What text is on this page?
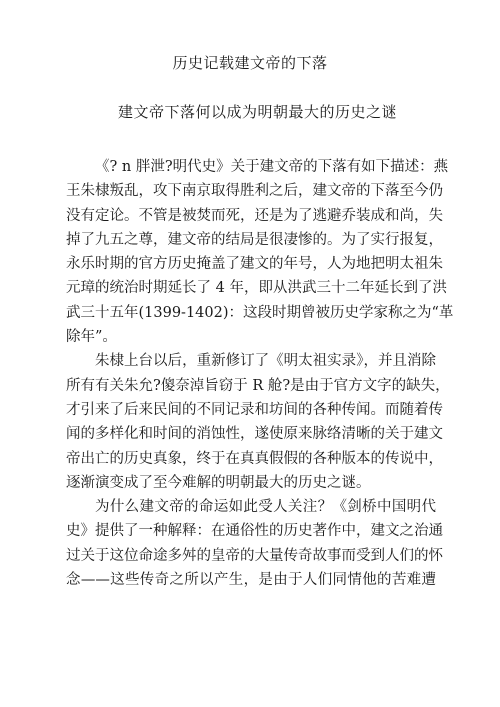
历史记载建文帝的下落
建文帝下落何以成为明朝最大的历史之谜

《? n 胖泄?明代史》关于建文帝的下落有如下描述：燕
王朱棣叛乱，攻下南京取得胜利之后，建文帝的下落至今仍
没有定论。不管是被焚而死，还是为了逃避乔装成和尚，失
掉了九五之尊，建文帝的结局是很凄惨的。为了实行报复，
永乐时期的官方历史掩盖了建文的年号，人为地把明太祖朱
元璋的统治时期延长了 4 年，即从洪武三十二年延长到了洪
武三十五年(1399-1402)：这段时期曾被历史学家称之为“革
除年”。

朱棣上台以后，重新修订了《明太祖实录》，并且消除
所有有关朱允?傻奈淖旨窃于 R 舱?是由于官方文字的缺失，
才引来了后来民间的不同记录和坊间的各种传闻。而随着传
闻的多样化和时间的消蚀性，遂使原来脉络清晰的关于建文
帝出亡的历史真象，终于在真真假假的各种版本的传说中，
逐渐演变成了至今难解的明朝最大的历史之谜。

为什么建文帝的命运如此受人关注？《剑桥中国明代
史》提供了一种解释：在通俗性的历史著作中，建文之治通
过关于这位命途多舛的皇帝的大量传奇故事而受到人们的怀
念——这些传奇之所以产生，是由于人们同情他的苦难遭
